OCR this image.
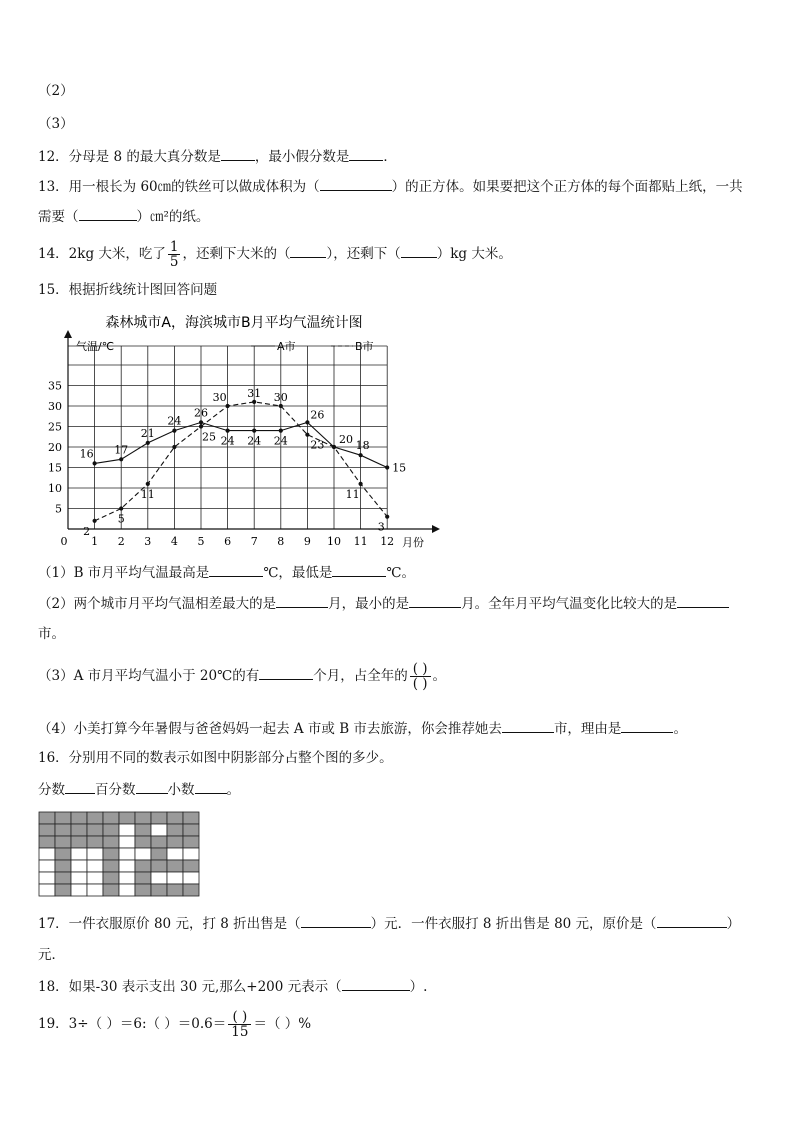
（2）
（3）
12．分母是 8 的最大真分数是	，最小假分数是	．
13．用一根长为 60㎝的铁丝可以做成体积为（	）的正方体。如果要把这个正方体的每个面都贴上纸，一共
需要（	）㎝²的纸。
14．2kg 大米，吃了 $\frac{1}{5}$ ，还剩下大米的（	），还剩下（	）kg 大米。
15．根据折线统计图回答问题
森林城市A，海滨城市B月平均气温统计图
气温/℃	A市	B市
0 1 2 3 4 5 6 7 8 9 10 11 12
5
10
15
20
25
30
35
月份
16 17
21
24
26
24 24 24
26
20 18
15
2
5
11
25
30 31 30
23
11
3
（1）B 市月平均气温最高是	℃，最低是	℃。
（2）两个城市月平均气温相差最大的是	月，最小的是	月。全年月平均气温变化比较大的是
市。
（3）A 市月平均气温小于 20℃的有	个月，占全年的 $\frac{( )}{( )}$ 。
（4）小美打算今年暑假与爸爸妈妈一起去 A 市或 B 市去旅游，你会推荐她去	市，理由是	。
16．分别用不同的数表示如图中阴影部分占整个图的多少。
分数 百分数 小数 。
17．一件衣服原价 80 元，打 8 折出售是（	）元．一件衣服打 8 折出售是 80 元，原价是（	）
元．
18．如果-30 表示支出 30 元,那么+200 元表示（	）.
19．3÷（ ）＝6:（ ）$=0.6= \frac{( )}{15}$ ＝（ ）%
